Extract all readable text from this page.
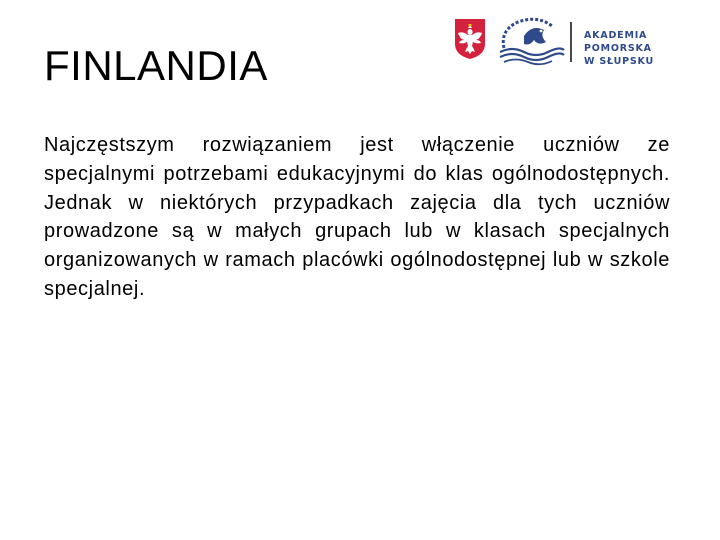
AKADEMIA POMORSKA
W SŁUPSKU
FINLANDIA

Najczęstszym rozwiązaniem jest włączenie uczniów ze specjalnymi potrzebami edukacyjnymi do klas ogólnodostępnych. Jednak w niektórych przypadkach zajęcia dla tych uczniów prowadzone są w małych grupach lub w klasach specjalnych organizowanych w ramach placówki ogólnodostępnej lub w szkole specjalnej.
